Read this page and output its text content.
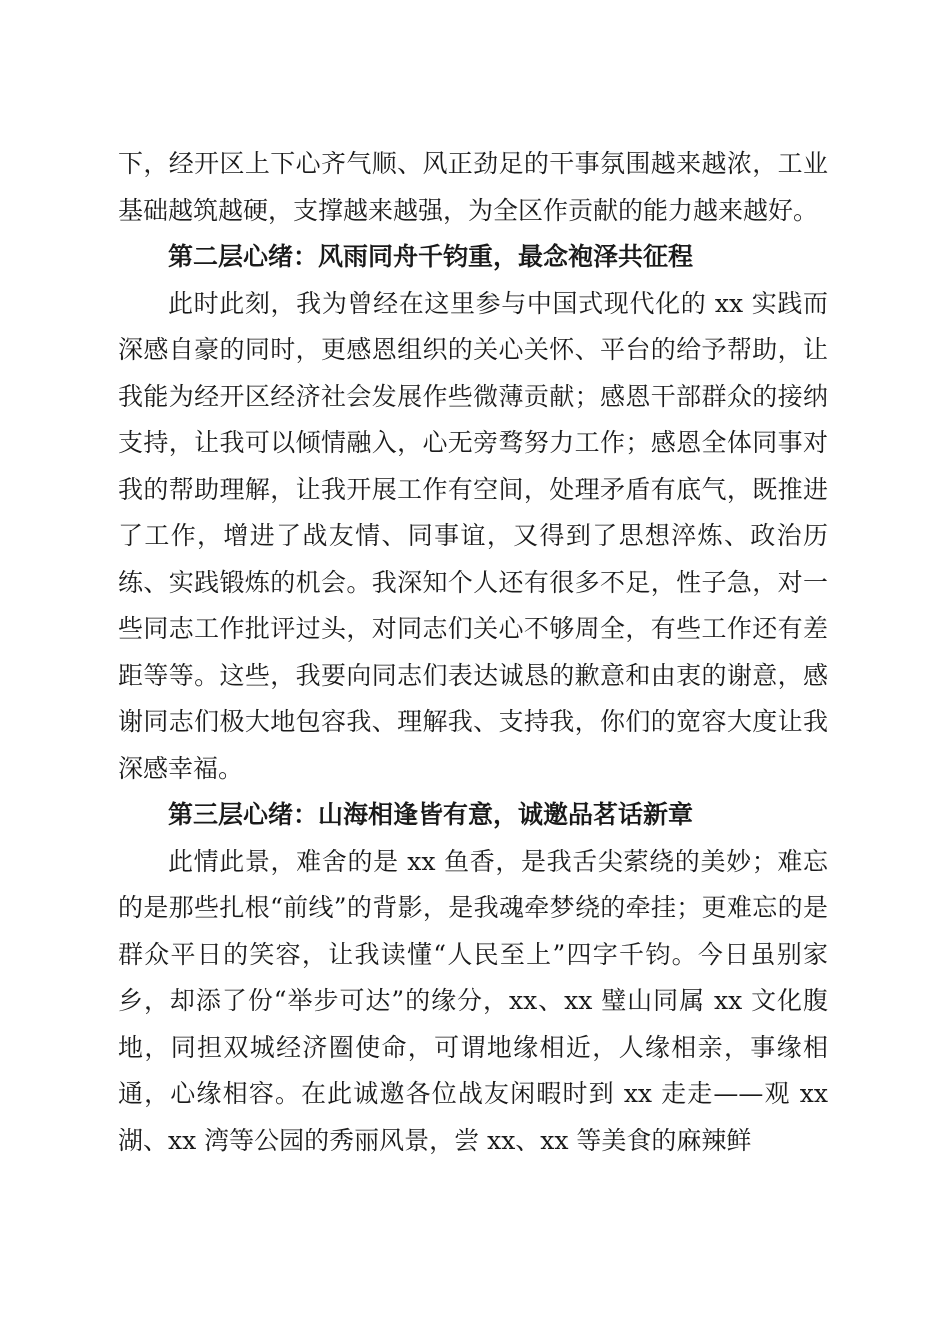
下，经开区上下心齐气顺、风正劲足的干事氛围越来越浓，工业基础越筑越硬，支撑越来越强，为全区作贡献的能力越来越好。

第二层心绪：风雨同舟千钧重，最念袍泽共征程

此时此刻，我为曾经在这里参与中国式现代化的 xx 实践而深感自豪的同时，更感恩组织的关心关怀、平台的给予帮助，让我能为经开区经济社会发展作些微薄贡献；感恩干部群众的接纳支持，让我可以倾情融入，心无旁骛努力工作；感恩全体同事对我的帮助理解，让我开展工作有空间，处理矛盾有底气，既推进了工作，增进了战友情、同事谊，又得到了思想淬炼、政治历练、实践锻炼的机会。我深知个人还有很多不足，性子急，对一些同志工作批评过头，对同志们关心不够周全，有些工作还有差距等等。这些，我要向同志们表达诚恳的歉意和由衷的谢意，感谢同志们极大地包容我、理解我、支持我，你们的宽容大度让我深感幸福。

第三层心绪：山海相逢皆有意，诚邀品茗话新章

此情此景，难舍的是 xx 鱼香，是我舌尖萦绕的美妙；难忘的是那些扎根“前线”的背影，是我魂牵梦绕的牵挂；更难忘的是群众平日的笑容，让我读懂“人民至上”四字千钧。今日虽别家乡，却添了份“举步可达”的缘分，xx、xx 璧山同属 xx 文化腹地，同担双城经济圈使命，可谓地缘相近，人缘相亲，事缘相通，心缘相容。在此诚邀各位战友闲暇时到 xx 走走——观 xx 湖、xx 湾等公园的秀丽风景，尝 xx、xx 等美食的麻辣鲜
